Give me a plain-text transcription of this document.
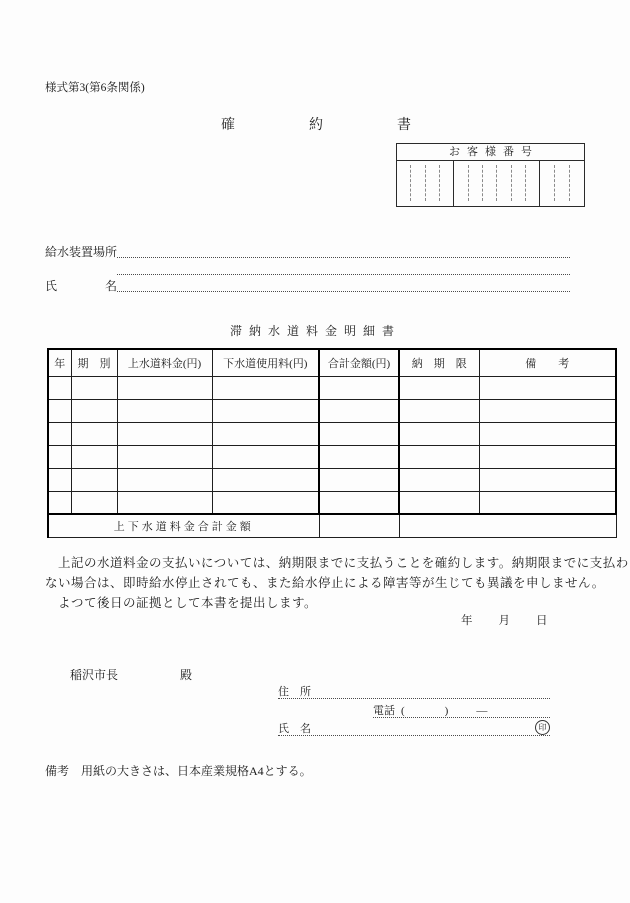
様式第3(第6条関係)
確　約　書
お客様番号
給水装置場所
氏　　　　名
滞納水道料金明細書
年	期　別	上水道料金(円)	下水道使用料(円)	合計金額(円)	納　期　限	備　　考

上下水道料金合計金額						
　上記の水道料金の支払いについては、納期限までに支払うことを確約します。納期限までに支払わ
ない場合は、即時給水停止されても、また給水停止による障害等が生じても異議を申しません。
　よつて後日の証拠として本書を提出します。
年　　月　　日

稲沢市長	殿

住　所
電話 (	)	―
氏　名	印
備考　用紙の大きさは、日本産業規格A4とする。
